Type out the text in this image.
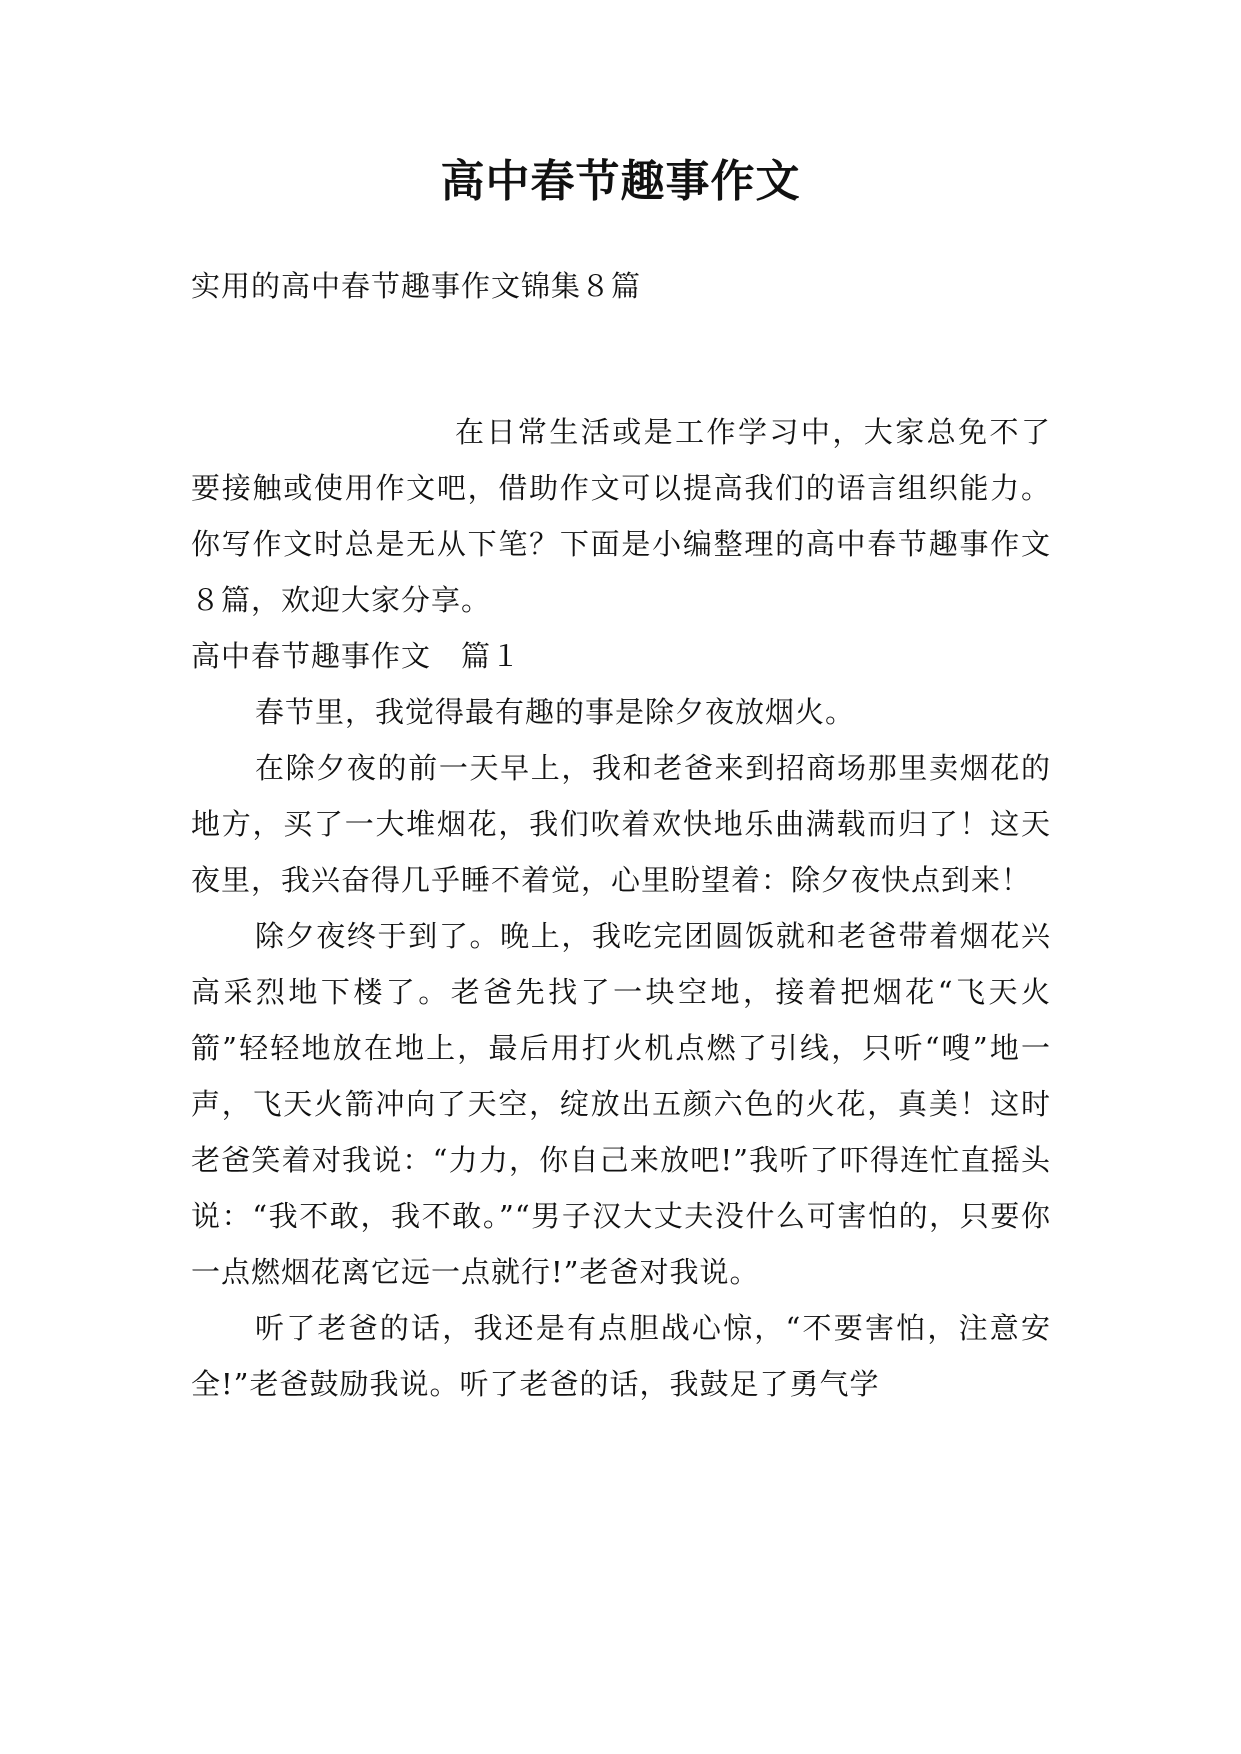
高中春节趣事作文
实用的高中春节趣事作文锦集８篇

在日常生活或是工作学习中，大家总免不了要接触或使用作文吧，借助作文可以提高我们的语言组织能力。你写作文时总是无从下笔？下面是小编整理的高中春节趣事作文８篇，欢迎大家分享。

高中春节趣事作文　篇１

春节里，我觉得最有趣的事是除夕夜放烟火。

在除夕夜的前一天早上，我和老爸来到招商场那里卖烟花的地方，买了一大堆烟花，我们吹着欢快地乐曲满载而归了！这天夜里，我兴奋得几乎睡不着觉，心里盼望着：除夕夜快点到来！

除夕夜终于到了。晚上，我吃完团圆饭就和老爸带着烟花兴高采烈地下楼了。老爸先找了一块空地，接着把烟花“飞天火箭”轻轻地放在地上，最后用打火机点燃了引线，只听“嗖”地一声，飞天火箭冲向了天空，绽放出五颜六色的火花，真美！这时老爸笑着对我说：“力力，你自己来放吧!”我听了吓得连忙直摇头说：“我不敢，我不敢。”“男子汉大丈夫没什么可害怕的，只要你一点燃烟花离它远一点就行!”老爸对我说。

听了老爸的话，我还是有点胆战心惊，“不要害怕，注意安全!”老爸鼓励我说。听了老爸的话，我鼓足了勇气学
